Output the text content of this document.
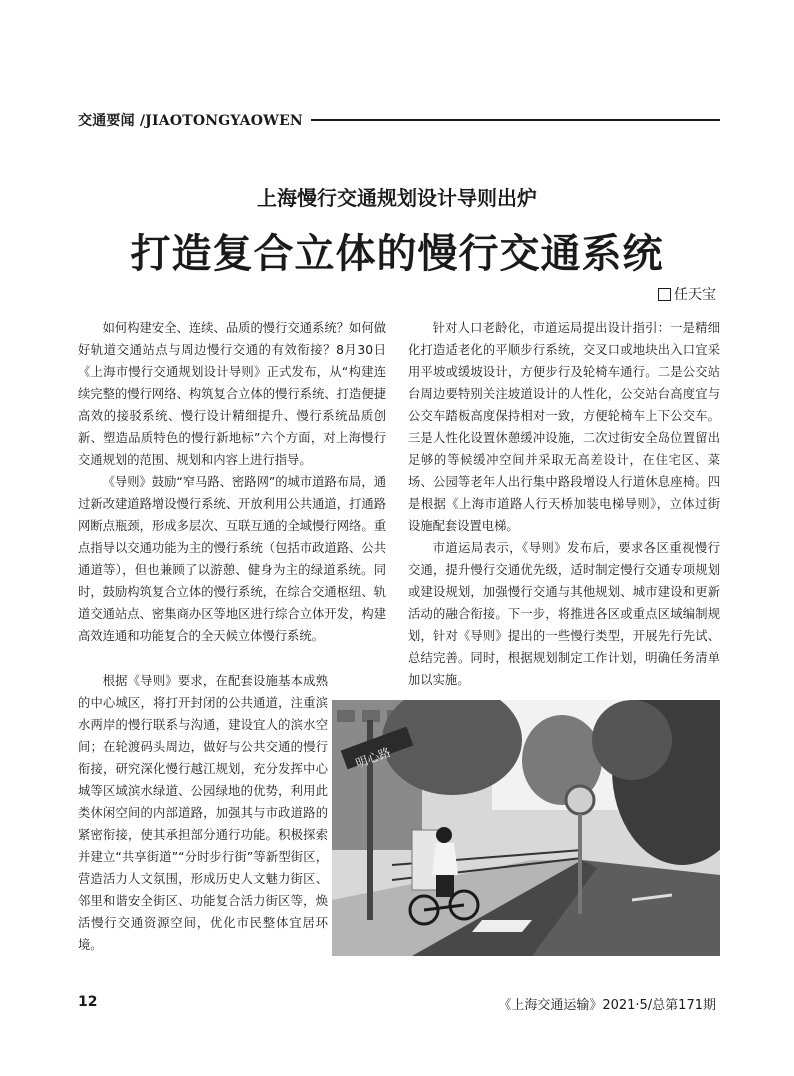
交通要闻 /JIAOTONGYAOWEN
上海慢行交通规划设计导则出炉
打造复合立体的慢行交通系统
任天宝

如何构建安全、连续、品质的慢行交通系统？如何做好轨道交通站点与周边慢行交通的有效衔接？8月30日《上海市慢行交通规划设计导则》正式发布，从“构建连续完整的慢行网络、构筑复合立体的慢行系统、打造便捷高效的接驳系统、慢行设计精细提升、慢行系统品质创新、塑造品质特色的慢行新地标”六个方面，对上海慢行交通规划的范围、规划和内容上进行指导。

《导则》鼓励“窄马路、密路网”的城市道路布局，通过新改建道路增设慢行系统、开放利用公共通道，打通路网断点瓶颈，形成多层次、互联互通的全域慢行网络。重点指导以交通功能为主的慢行系统（包括市政道路、公共通道等），但也兼顾了以游憩、健身为主的绿道系统。同时，鼓励构筑复合立体的慢行系统，在综合交通枢纽、轨道交通站点、密集商办区等地区进行综合立体开发，构建高效连通和功能复合的全天候立体慢行系统。

根据《导则》要求，在配套设施基本成熟的中心城区，将打开封闭的公共通道，注重滨水两岸的慢行联系与沟通，建设宜人的滨水空间；在轮渡码头周边，做好与公共交通的慢行衔接，研究深化慢行越江规划，充分发挥中心城等区域滨水绿道、公园绿地的优势，利用此类休闲空间的内部道路，加强其与市政道路的紧密衔接，使其承担部分通行功能。积极探索并建立“共享街道”“分时步行街”等新型街区，营造活力人文氛围，形成历史人文魅力街区、邻里和谐安全街区、功能复合活力街区等，焕活慢行交通资源空间，优化市民整体宜居环境。

针对人口老龄化，市道运局提出设计指引：一是精细化打造适老化的平顺步行系统，交叉口或地块出入口宜采用平坡或缓坡设计，方便步行及轮椅车通行。二是公交站台周边要特别关注坡道设计的人性化，公交站台高度宜与公交车踏板高度保持相对一致，方便轮椅车上下公交车。三是人性化设置休憩缓冲设施，二次过街安全岛位置留出足够的等候缓冲空间并采取无高差设计，在住宅区、菜场、公园等老年人出行集中路段增设人行道休息座椅。四是根据《上海市道路人行天桥加装电梯导则》，立体过街设施配套设置电梯。

市道运局表示，《导则》发布后，要求各区重视慢行交通，提升慢行交通优先级，适时制定慢行交通专项规划或建设规划，加强慢行交通与其他规划、城市建设和更新活动的融合衔接。下一步，将推进各区或重点区域编制规划，针对《导则》提出的一些慢行类型，开展先行先试、总结完善。同时，根据规划制定工作计划，明确任务清单加以实施。

明心路
12	《上海交通运输》2021·5/总第171期
